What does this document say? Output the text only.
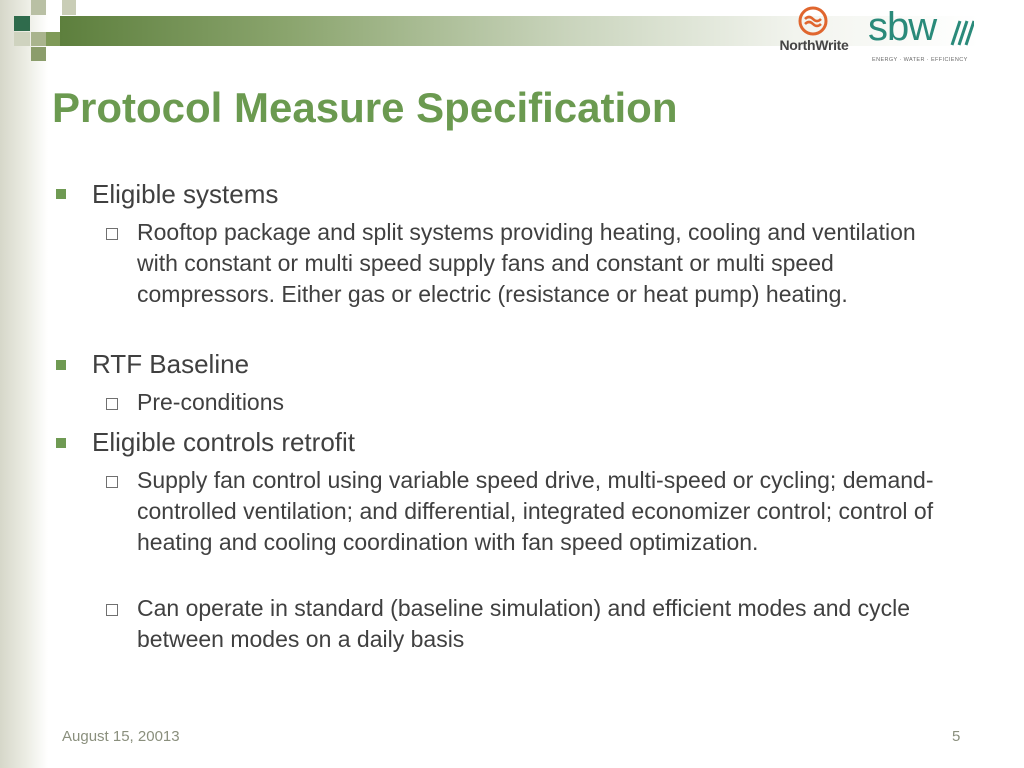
NorthWrite sbw
ENERGY · WATER · EFFICIENCY
Protocol Measure Specification
Eligible systems

Rooftop package and split systems providing heating, cooling and ventilation with constant or multi speed supply fans and constant or multi speed compressors. Either gas or electric (resistance or heat pump) heating.

RTF Baseline

Pre-conditions

Eligible controls retrofit

Supply fan control using variable speed drive, multi-speed or cycling; demand-controlled ventilation; and differential, integrated economizer control; control of heating and cooling coordination with fan speed optimization.

Can operate in standard (baseline simulation) and efficient modes and cycle between modes on a daily basis

August 15, 20013	5
